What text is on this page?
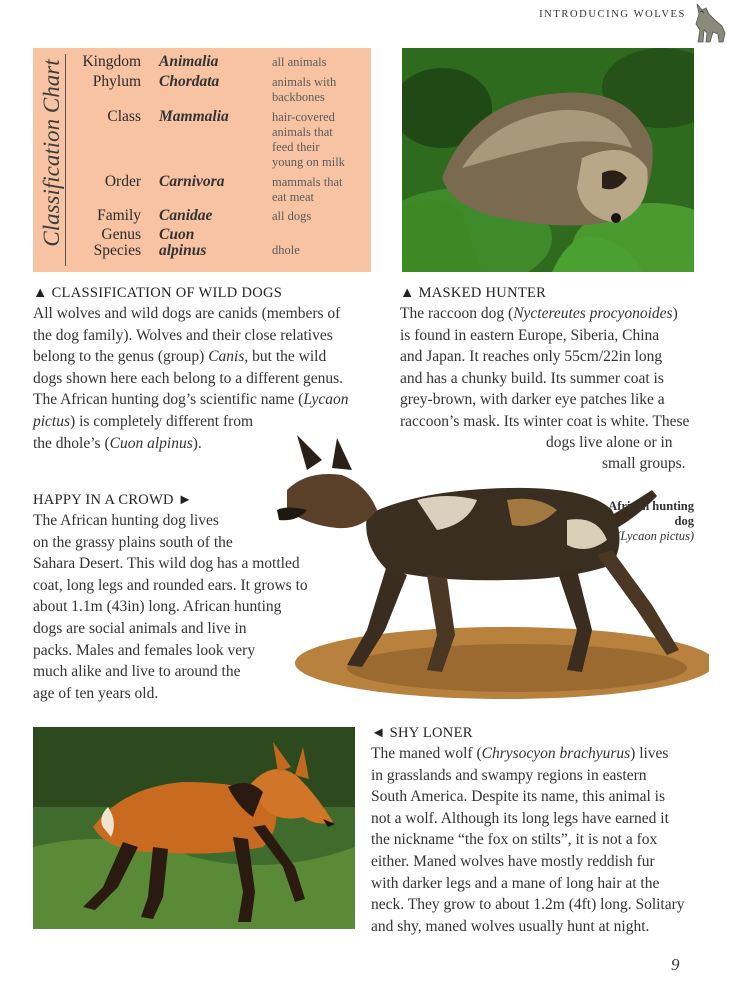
INTRODUCING WOLVES
Classification Chart	Kingdom Animalia	all animals
Phylum Chordata	animals with
backbones
Class Mammalia	hair-covered
animals that
feed their
young on milk
Order Carnivora	mammals that
eat meat
Family Canidae	all dogs
Genus Cuon
Species alpinus	dhole
▲ CLASSIFICATION OF WILD DOGS
All wolves and wild dogs are canids (members of
the dog family). Wolves and their close relatives
belong to the genus (group) Canis, but the wild
dogs shown here each belong to a different genus.
The African hunting dog’s scientific name (Lycaon
pictus) is completely different from
the dhole’s (Cuon alpinus).
▲ MASKED HUNTER
The raccoon dog (Nyctereutes procyonoides)
is found in eastern Europe, Siberia, China
and Japan. It reaches only 55cm/22in long
and has a chunky build. Its summer coat is
grey-brown, with darker eye patches like a
raccoon’s mask. Its winter coat is white. These
dogs live alone or in
small groups.
HAPPY IN A CROWD ►
The African hunting dog lives
on the grassy plains south of the
Sahara Desert. This wild dog has a mottled
coat, long legs and rounded ears. It grows to
about 1.1m (43in) long. African hunting
dogs are social animals and live in
packs. Males and females look very
much alike and live to around the
age of ten years old.
African hunting dog
(Lycaon pictus)
◄ SHY LONER
The maned wolf (Chrysocyon brachyurus) lives
in grasslands and swampy regions in eastern
South America. Despite its name, this animal is
not a wolf. Although its long legs have earned it
the nickname “the fox on stilts”, it is not a fox
either. Maned wolves have mostly reddish fur
with darker legs and a mane of long hair at the
neck. They grow to about 1.2m (4ft) long. Solitary
and shy, maned wolves usually hunt at night.
9
